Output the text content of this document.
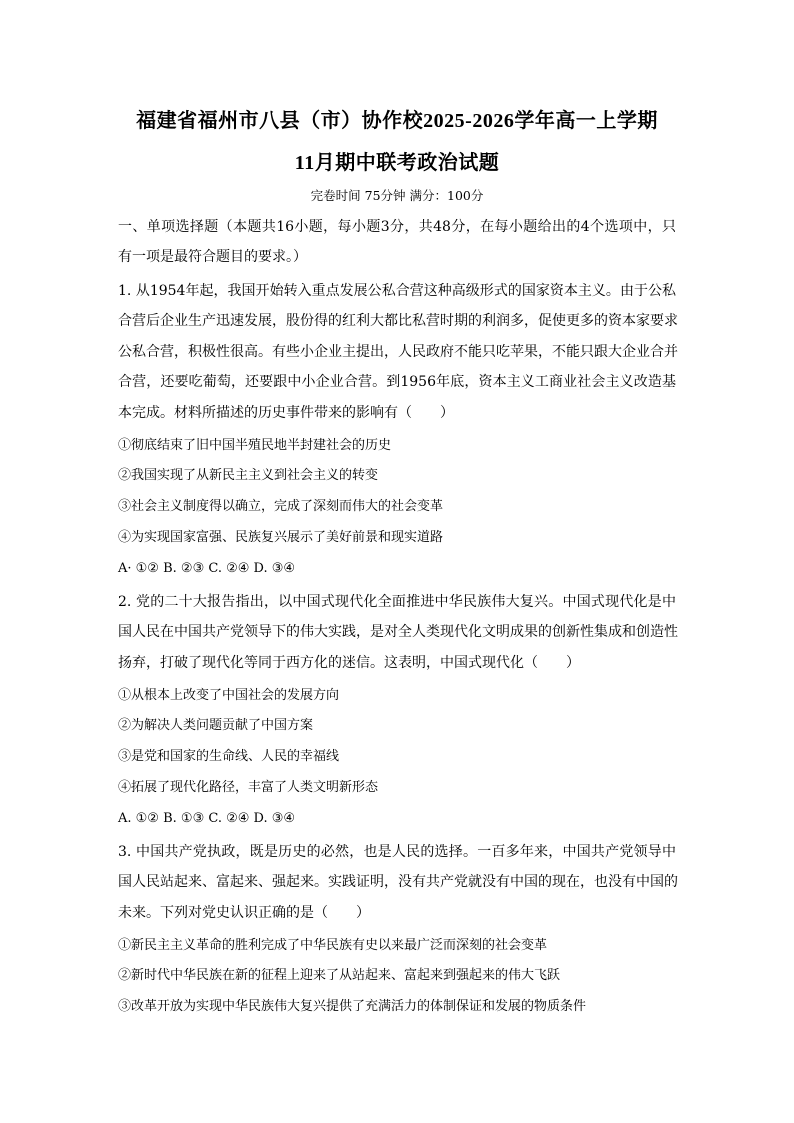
福建省福州市八县（市）协作校2025-2026学年高一上学期
11月期中联考政治试题
完卷时间 75分钟 满分：100分
一、单项选择题（本题共16小题，每小题3分，共48分，在每小题给出的4个选项中，只
有一项是最符合题目的要求。）
1. 从1954年起，我国开始转入重点发展公私合营这种高级形式的国家资本主义。由于公私
合营后企业生产迅速发展，股份得的红利大都比私营时期的利润多，促使更多的资本家要求
公私合营，积极性很高。有些小企业主提出，人民政府不能只吃苹果，不能只跟大企业合并
合营，还要吃葡萄，还要跟中小企业合营。到1956年底，资本主义工商业社会主义改造基
本完成。材料所描述的历史事件带来的影响有（　　）
①彻底结束了旧中国半殖民地半封建社会的历史
②我国实现了从新民主主义到社会主义的转变
③社会主义制度得以确立，完成了深刻而伟大的社会变革
④为实现国家富强、民族复兴展示了美好前景和现实道路
A· ①② B. ②③ C. ②④ D. ③④
2. 党的二十大报告指出，以中国式现代化全面推进中华民族伟大复兴。中国式现代化是中
国人民在中国共产党领导下的伟大实践，是对全人类现代化文明成果的创新性集成和创造性
扬弃，打破了现代化等同于西方化的迷信。这表明，中国式现代化（　　）
①从根本上改变了中国社会的发展方向
②为解决人类问题贡献了中国方案
③是党和国家的生命线、人民的幸福线
④拓展了现代化路径，丰富了人类文明新形态
A. ①② B. ①③ C. ②④ D. ③④
3. 中国共产党执政，既是历史的必然，也是人民的选择。一百多年来，中国共产党领导中
国人民站起来、富起来、强起来。实践证明，没有共产党就没有中国的现在，也没有中国的
未来。下列对党史认识正确的是（　　）
①新民主主义革命的胜利完成了中华民族有史以来最广泛而深刻的社会变革
②新时代中华民族在新的征程上迎来了从站起来、富起来到强起来的伟大飞跃
③改革开放为实现中华民族伟大复兴提供了充满活力的体制保证和发展的物质条件
